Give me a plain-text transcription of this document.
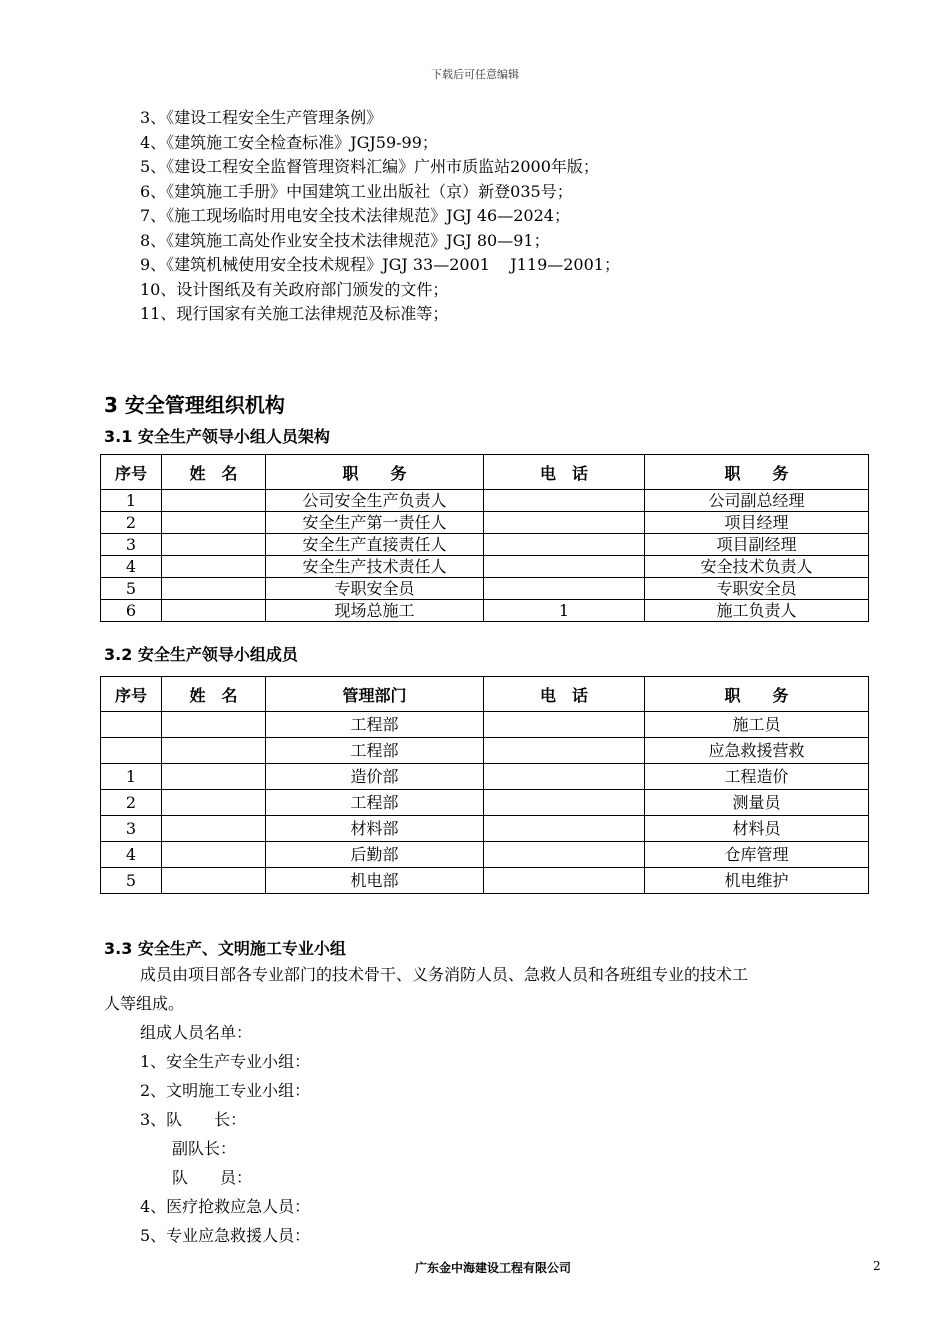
下载后可任意编辑
3、《建设工程安全生产管理条例》
4、《建筑施工安全检查标准》JGJ59-99；
5、《建设工程安全监督管理资料汇编》广州市质监站2000年版；
6、《建筑施工手册》中国建筑工业出版社（京）新登035号；
7、《施工现场临时用电安全技术法律规范》JGJ 46—2024；
8、《建筑施工高处作业安全技术法律规范》JGJ 80—91；
9、《建筑机械使用安全技术规程》JGJ 33—2001    J119—2001；
10、设计图纸及有关政府部门颁发的文件；
11、现行国家有关施工法律规范及标准等；
3 安全管理组织机构
3.1 安全生产领导小组人员架构
序号	姓　名	职　　务	电　话	职　　务
1		公司安全生产负责人		公司副总经理
2		安全生产第一责任人		项目经理
3		安全生产直接责任人		项目副经理
4		安全生产技术责任人		安全技术负责人
5		专职安全员		专职安全员
6		现场总施工	1	施工负责人
3.2 安全生产领导小组成员
序号	姓　名	管理部门	电　话	职　　务
		工程部		施工员
		工程部		应急救援营救
1		造价部		工程造价
2		工程部		测量员
3		材料部		材料员
4		后勤部		仓库管理
5		机电部		机电维护
3.3 安全生产、文明施工专业小组
成员由项目部各专业部门的技术骨干、义务消防人员、急救人员和各班组专业的技术工
人等组成。
组成人员名单：
1、安全生产专业小组：
2、文明施工专业小组：
3、队　　长：
副队长：
队　　员：
4、医疗抢救应急人员：
5、专业应急救援人员：
广东金中海建设工程有限公司	2
